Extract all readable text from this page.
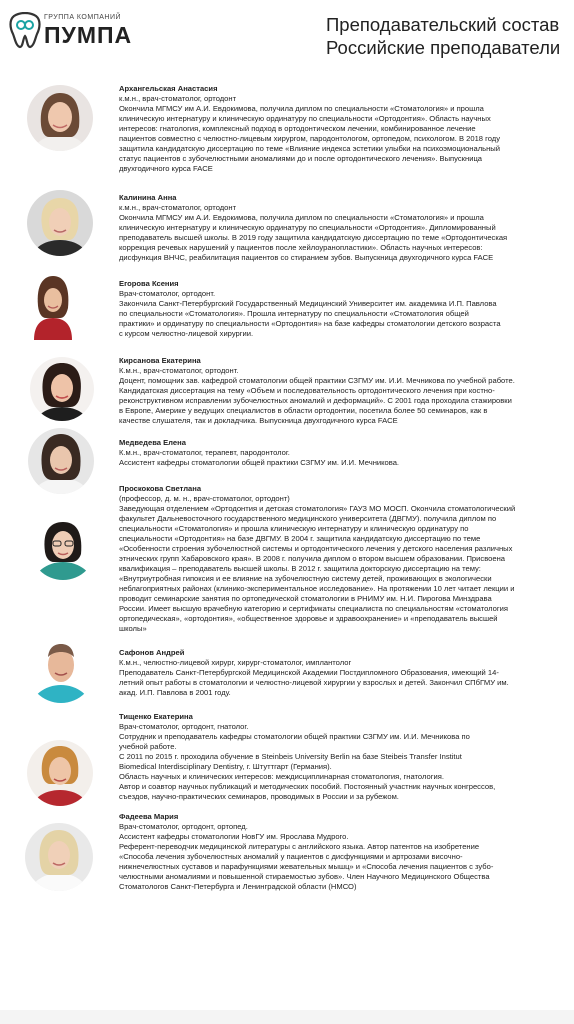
ГРУППА КОМПАНИЙ
ПУМПА	Преподавательский состав
Российские преподаватели
Архангельская Анастасия
к.м.н., врач-стоматолог, ортодонт
Окончила МГМСУ им А.И. Евдокимова, получила диплом по специальности «Стоматология» и прошла
клиническую интернатуру и клиническую ординатуру по специальности «Ортодонтия». Область научных
интересов: гнатология, комплексный подход в ортодонтическом лечении, комбинированное лечение
пациентов совместно с челюстно-лицевым хирургом, пародонтологом, ортопедом, психологом. В 2018 году
защитила кандидатскую диссертацию по теме «Влияние индекса эстетики улыбки на психоэмоциональный
статус пациентов с зубочелюстными аномалиями до и после ортодонтического лечения». Выпускница
двухгодичного курса FACE
Калинина Анна
к.м.н., врач-стоматолог, ортодонт
Окончила МГМСУ им А.И. Евдокимова, получила диплом по специальности «Стоматология» и прошла
клиническую интернатуру и клиническую ординатуру по специальности «Ортодонтия». Дипломированный
преподаватель высшей школы. В 2019 году защитила кандидатскую диссертацию по теме «Ортодонтическая
коррекция речевых нарушений у пациентов после хейлоуранопластики». Область научных интересов:
дисфункция ВНЧС, реабилитация пациентов со стиранием зубов. Выпускница двухгодичного курса FACE
Егорова Ксения
Врач-стоматолог, ортодонт.
Закончила Санкт-Петербургский Государственный Медицинский Университет им. академика И.П. Павлова
по специальности «Стоматология». Прошла интернатуру по специальности «Стоматология общей
практики» и ординатуру по специальности «Ортодонтия» на базе кафедры стоматологии детского возраста
с курсом челюстно-лицевой хирургии.
Кирсанова Екатерина
К.м.н., врач-стоматолог, ортодонт.
Доцент, помощник зав. кафедрой стоматологии общей практики СЗГМУ им. И.И. Мечникова по учебной работе.
Кандидатская диссертация на тему «Объем и последовательность ортодонтического лечения при костно-
реконструктивном исправлении зубочелюстных аномалий и деформаций». С 2001 года проходила стажировки
в Европе, Америке у ведущих специалистов в области ортодонтии, посетила более 50 семинаров, как в
качестве слушателя, так и докладчика. Выпускница двухгодичного курса FACE
Медведева Елена
К.м.н., врач-стоматолог, терапевт, пародонтолог.
Ассистент кафедры стоматологии общей практики СЗГМУ им. И.И. Мечникова.
Проскокова Светлана
(профессор, д. м. н., врач-стоматолог, ортодонт)
Заведующая отделением «Ортодонтия и детская стоматология» ГАУЗ МО МОСП. Окончила стоматологический
факультет Дальневосточного государственного медицинского университета (ДВГМУ). получила диплом по
специальности «Стоматология» и прошла клиническую интернатуру и клиническую ординатуру по
специальности «Ортодонтия» на базе ДВГМУ. В 2004 г. защитила кандидатскую диссертацию по теме
«Особенности строения зубочелюстной системы и ортодонтического лечения у детского населения различных
этнических групп Хабаровского края». В 2008 г. получила диплом о втором высшем образовании. Присвоена
квалификация – преподаватель высшей школы. В 2012 г. защитила докторскую диссертацию на тему:
«Внутриутробная гипоксия и ее влияние на зубочелюстную систему детей, проживающих в экологически
неблагоприятных районах (клинико-экспериментальное исследование». На протяжении 10 лет читает лекции и
проводит семинарские занятия по ортопедической стоматологии в РНИМУ им. Н.И. Пирогова Минздрава
России. Имеет высшую врачебную категорию и сертификаты специалиста по специальностям «стоматология
ортопедическая», «ортодонтия», «общественное здоровье и здравоохранение» и «преподаватель высшей
школы»
Сафонов Андрей
К.м.н., челюстно-лицевой хирург, хирург-стоматолог, имплантолог
Преподаватель Санкт-Петербургской Медицинской Академии Постдипломного Образования, имеющий 14-
летний опыт работы в стоматологии и челюстно-лицевой хирургии у взрослых и детей. Закончил СПбГМУ им.
акад. И.П. Павлова в 2001 году.
Тищенко Екатерина
Врач-стоматолог, ортодонт, гнатолог.
Сотрудник и преподаватель кафедры стоматологии общей практики СЗГМУ им. И.И. Мечникова по
учебной работе.
С 2011 по 2015 г. проходила обучение в Steinbeis University Berlin на базе Steibeis Transfer Institut
Biomedical Interdisciplinary Dentistry, г. Штуттгарт (Германия).
Область научных и клинических интересов: междисциплинарная стоматология, гнатология.
Автор и соавтор научных публикаций и методических пособий. Постоянный участник научных конгрессов,
съездов, научно-практических семинаров, проводимых в России и за рубежом.
Фадеева Мария
Врач-стоматолог, ортодонт, ортопед.
Ассистент кафедры стоматологии НовГУ им. Ярослава Мудрого.
Референт-переводчик медицинской литературы с английского языка. Автор патентов на изобретение
«Способа лечения зубочелюстных аномалий у пациентов с дисфункциями и артрозами височно-
нижнечелюстных суставов и парафункциями жевательных мышц» и «Способа лечения пациентов с зубо-
челюстными аномалиями и повышенной стираемостью зубов». Член Научного Медицинского Общества
Стоматологов Санкт-Петербурга и Ленинградской области (НМСО)
